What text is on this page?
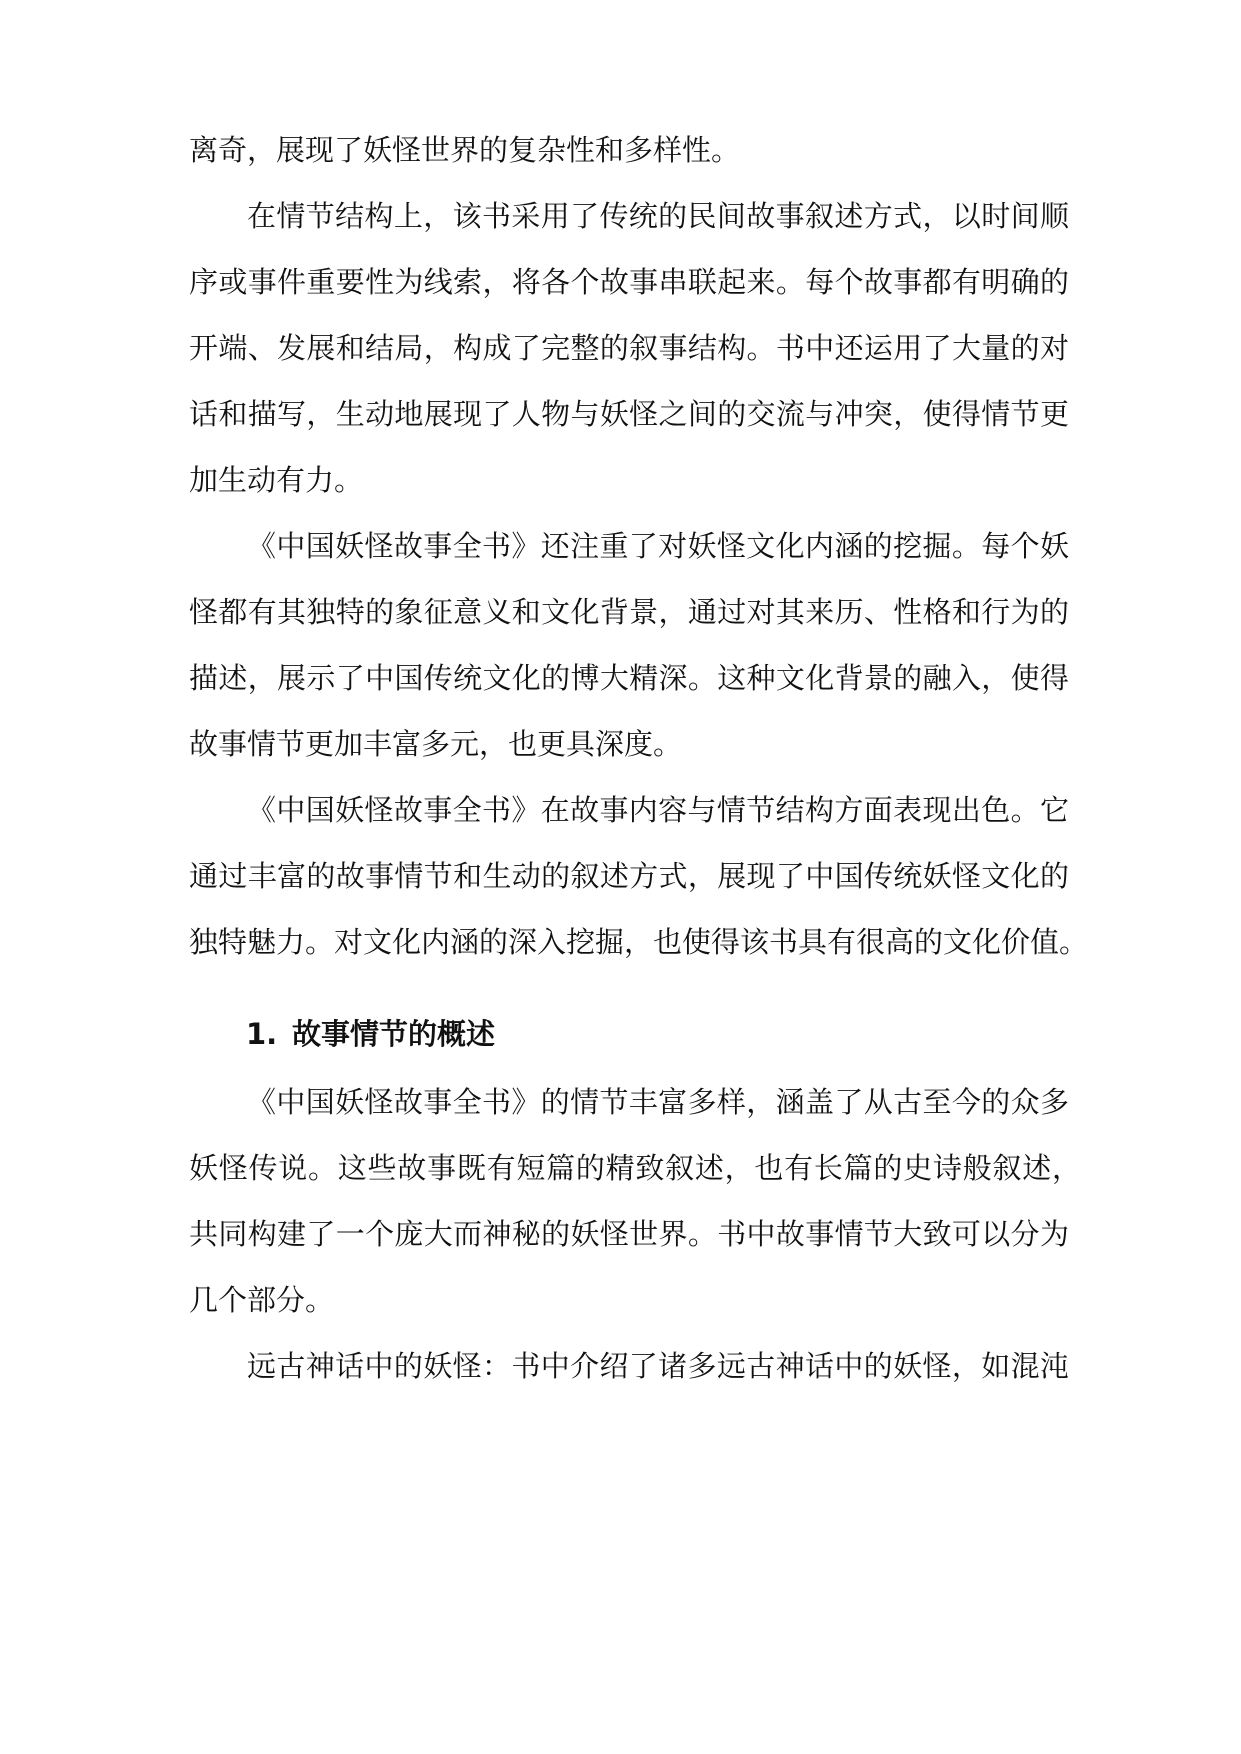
离奇，展现了妖怪世界的复杂性和多样性。
在情节结构上，该书采用了传统的民间故事叙述方式，以时间顺
序或事件重要性为线索，将各个故事串联起来。每个故事都有明确的
开端、发展和结局，构成了完整的叙事结构。书中还运用了大量的对
话和描写，生动地展现了人物与妖怪之间的交流与冲突，使得情节更
加生动有力。
《中国妖怪故事全书》还注重了对妖怪文化内涵的挖掘。每个妖
怪都有其独特的象征意义和文化背景，通过对其来历、性格和行为的
描述，展示了中国传统文化的博大精深。这种文化背景的融入，使得
故事情节更加丰富多元，也更具深度。
《中国妖怪故事全书》在故事内容与情节结构方面表现出色。它
通过丰富的故事情节和生动的叙述方式，展现了中国传统妖怪文化的
独特魅力。对文化内涵的深入挖掘，也使得该书具有很高的文化价值。
1. 故事情节的概述
《中国妖怪故事全书》的情节丰富多样，涵盖了从古至今的众多
妖怪传说。这些故事既有短篇的精致叙述，也有长篇的史诗般叙述，
共同构建了一个庞大而神秘的妖怪世界。书中故事情节大致可以分为
几个部分。
远古神话中的妖怪：书中介绍了诸多远古神话中的妖怪，如混沌
